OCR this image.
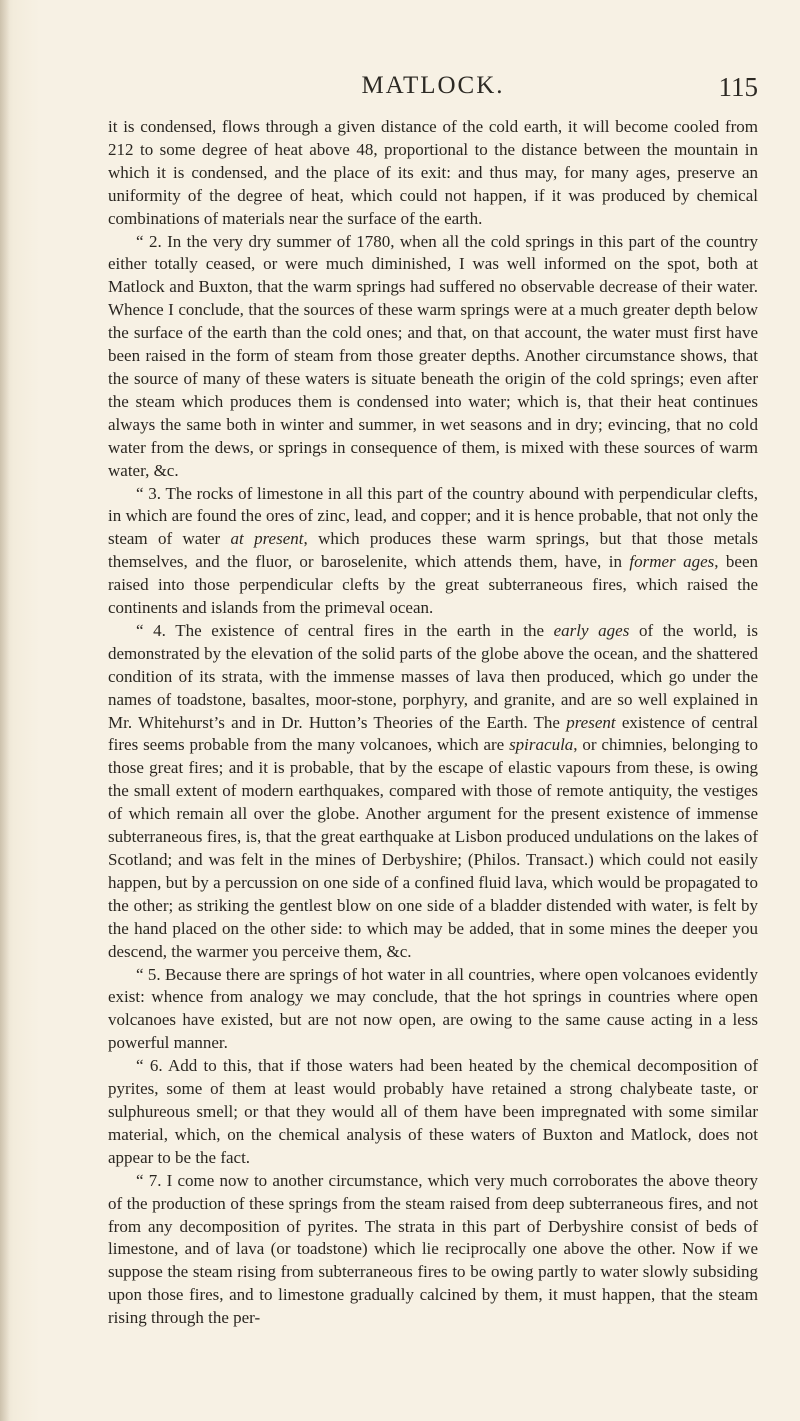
MATLOCK.	115

it is condensed, flows through a given distance of the cold earth, it will become cooled from 212 to some degree of heat above 48, proportional to the distance between the mountain in which it is condensed, and the place of its exit: and thus may, for many ages, preserve an uniformity of the degree of heat, which could not happen, if it was produced by chemical combinations of materials near the surface of the earth.

“ 2. In the very dry summer of 1780, when all the cold springs in this part of the country either totally ceased, or were much diminished, I was well informed on the spot, both at Matlock and Buxton, that the warm springs had suffered no observable decrease of their water. Whence I conclude, that the sources of these warm springs were at a much greater depth below the surface of the earth than the cold ones; and that, on that account, the water must first have been raised in the form of steam from those greater depths. Another circumstance shows, that the source of many of these waters is situate beneath the origin of the cold springs; even after the steam which produces them is condensed into water; which is, that their heat continues always the same both in winter and summer, in wet seasons and in dry; evincing, that no cold water from the dews, or springs in consequence of them, is mixed with these sources of warm water, &c.

“ 3. The rocks of limestone in all this part of the country abound with perpendicular clefts, in which are found the ores of zinc, lead, and copper; and it is hence probable, that not only the steam of water at present, which produces these warm springs, but that those metals themselves, and the fluor, or baroselenite, which attends them, have, in former ages, been raised into those perpendicular clefts by the great subterraneous fires, which raised the continents and islands from the primeval ocean.

“ 4. The existence of central fires in the earth in the early ages of the world, is demonstrated by the elevation of the solid parts of the globe above the ocean, and the shattered condition of its strata, with the immense masses of lava then produced, which go under the names of toadstone, basaltes, moor-stone, porphyry, and granite, and are so well explained in Mr. Whitehurst’s and in Dr. Hutton’s Theories of the Earth. The present existence of central fires seems probable from the many volcanoes, which are spiracula, or chimnies, belonging to those great fires; and it is probable, that by the escape of elastic vapours from these, is owing the small extent of modern earthquakes, compared with those of remote antiquity, the vestiges of which remain all over the globe. Another argument for the present existence of immense subterraneous fires, is, that the great earthquake at Lisbon produced undulations on the lakes of Scotland; and was felt in the mines of Derbyshire; (Philos. Transact.) which could not easily happen, but by a percussion on one side of a confined fluid lava, which would be propagated to the other; as striking the gentlest blow on one side of a bladder distended with water, is felt by the hand placed on the other side: to which may be added, that in some mines the deeper you descend, the warmer you perceive them, &c.

“ 5. Because there are springs of hot water in all countries, where open volcanoes evidently exist: whence from analogy we may conclude, that the hot springs in countries where open volcanoes have existed, but are not now open, are owing to the same cause acting in a less powerful manner.

“ 6. Add to this, that if those waters had been heated by the chemical decomposition of pyrites, some of them at least would probably have retained a strong chalybeate taste, or sulphureous smell; or that they would all of them have been impregnated with some similar material, which, on the chemical analysis of these waters of Buxton and Matlock, does not appear to be the fact.

“ 7. I come now to another circumstance, which very much corroborates the above theory of the production of these springs from the steam raised from deep subterraneous fires, and not from any decomposition of pyrites. The strata in this part of Derbyshire consist of beds of limestone, and of lava (or toadstone) which lie reciprocally one above the other. Now if we suppose the steam rising from subterraneous fires to be owing partly to water slowly subsiding upon those fires, and to limestone gradually calcined by them, it must happen, that the steam rising through the per-
